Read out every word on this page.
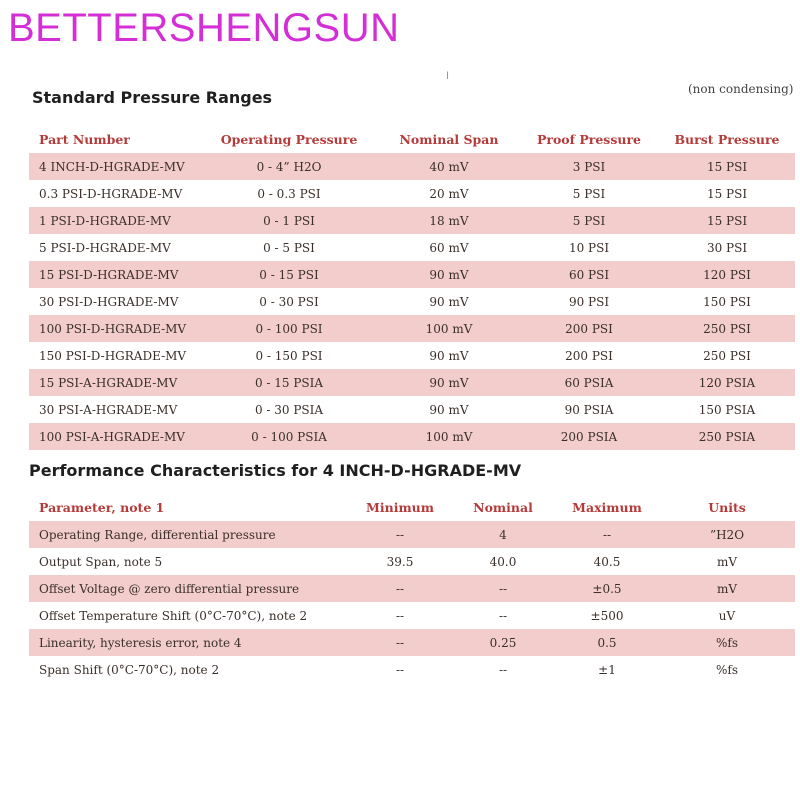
BETTERSHENGSUN
I
Standard Pressure Ranges	(non condensing)
Part Number	Operating Pressure	Nominal Span	Proof Pressure	Burst Pressure
4 INCH-D-HGRADE-MV	0 - 4” H2O	40 mV	3 PSI	15 PSI
0.3 PSI-D-HGRADE-MV	0 - 0.3 PSI	20 mV	5 PSI	15 PSI
1 PSI-D-HGRADE-MV	0 - 1 PSI	18 mV	5 PSI	15 PSI
5 PSI-D-HGRADE-MV	0 - 5 PSI	60 mV	10 PSI	30 PSI
15 PSI-D-HGRADE-MV	0 - 15 PSI	90 mV	60 PSI	120 PSI
30 PSI-D-HGRADE-MV	0 - 30 PSI	90 mV	90 PSI	150 PSI
100 PSI-D-HGRADE-MV	0 - 100 PSI	100 mV	200 PSI	250 PSI
150 PSI-D-HGRADE-MV	0 - 150 PSI	90 mV	200 PSI	250 PSI
15 PSI-A-HGRADE-MV	0 - 15 PSIA	90 mV	60 PSIA	120 PSIA
30 PSI-A-HGRADE-MV	0 - 30 PSIA	90 mV	90 PSIA	150 PSIA
100 PSI-A-HGRADE-MV	0 - 100 PSIA	100 mV	200 PSIA	250 PSIA
Performance Characteristics for 4 INCH-D-HGRADE-MV
Parameter, note 1	Minimum	Nominal	Maximum	Units
Operating Range, differential pressure	--	4	--	”H2O
Output Span, note 5	39.5	40.0	40.5	mV
Offset Voltage @ zero differential pressure	--	--	±0.5	mV
Offset Temperature Shift (0°C-70°C), note 2	--	--	±500	uV
Linearity, hysteresis error, note 4	--	0.25	0.5	%fs
Span Shift (0°C-70°C), note 2	--	--	±1	%fs
